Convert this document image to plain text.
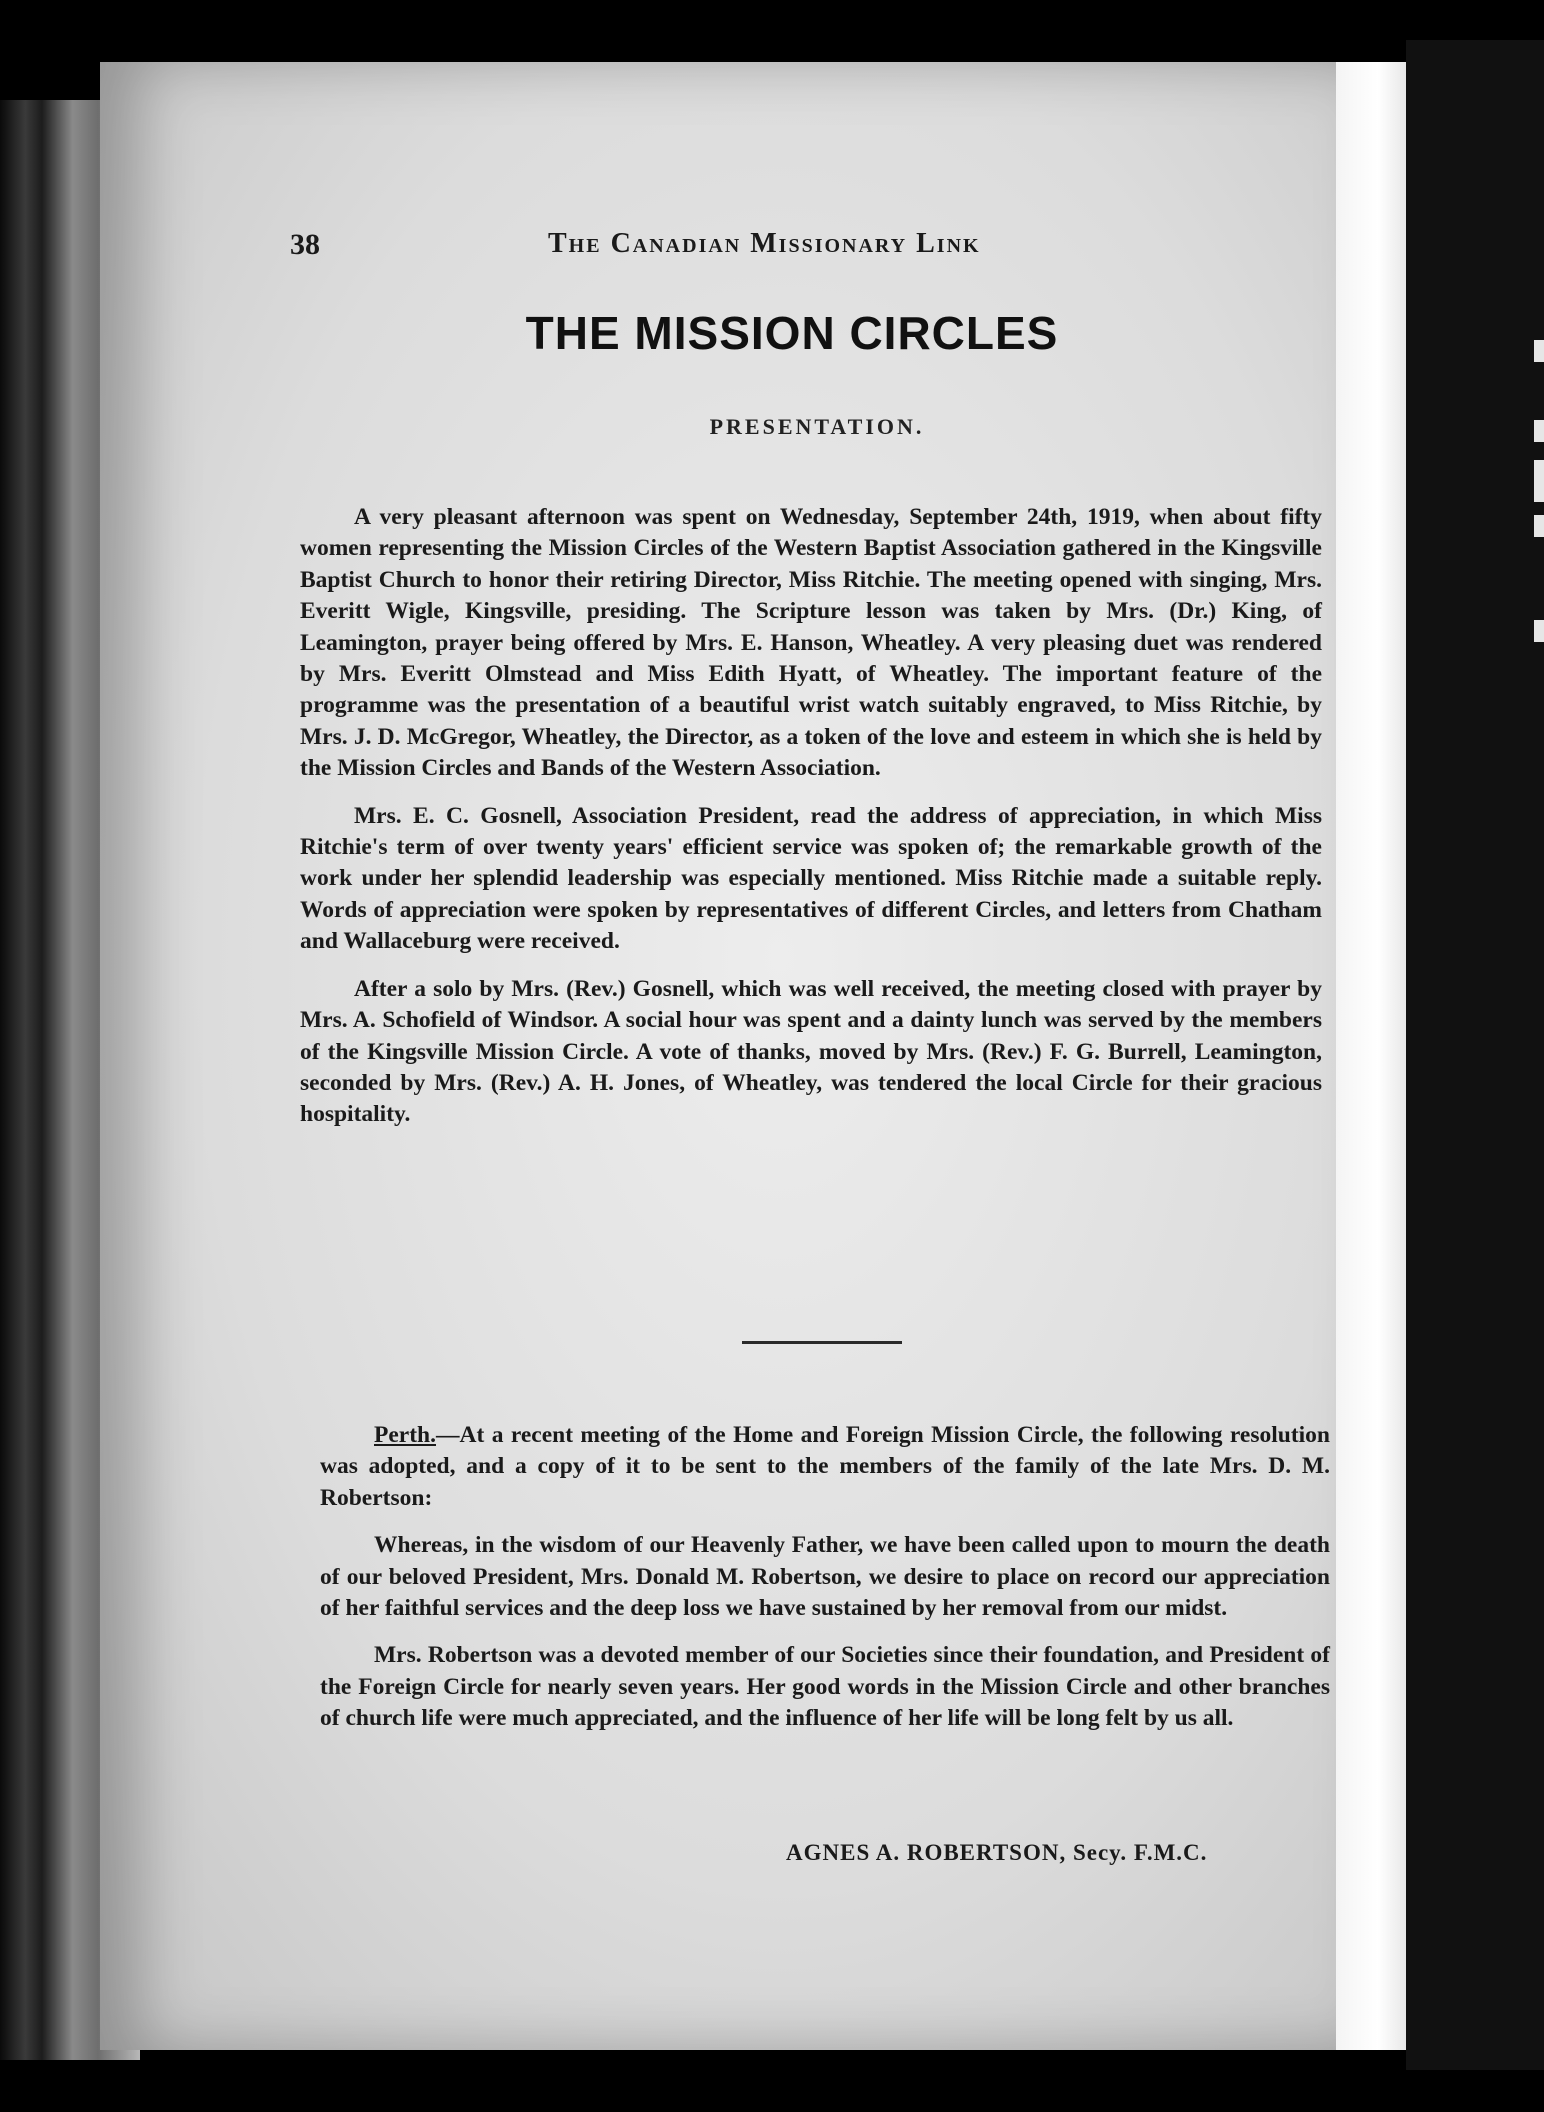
38	The Canadian Missionary Link
THE MISSION CIRCLES
PRESENTATION.

A very pleasant afternoon was spent on Wednesday, September 24th, 1919, when about fifty women representing the Mission Circles of the Western Baptist Association gathered in the Kingsville Baptist Church to honor their retiring Director, Miss Ritchie. The meeting opened with singing, Mrs. Everitt Wigle, Kingsville, presiding. The Scripture lesson was taken by Mrs. (Dr.) King, of Leamington, prayer being offered by Mrs. E. Hanson, Wheatley. A very pleasing duet was rendered by Mrs. Everitt Olmstead and Miss Edith Hyatt, of Wheatley. The important feature of the programme was the presentation of a beautiful wrist watch suitably engraved, to Miss Ritchie, by Mrs. J. D. McGregor, Wheatley, the Director, as a token of the love and esteem in which she is held by the Mission Circles and Bands of the Western Association.

Mrs. E. C. Gosnell, Association President, read the address of appreciation, in which Miss Ritchie's term of over twenty years' efficient service was spoken of; the remarkable growth of the work under her splendid leadership was especially mentioned. Miss Ritchie made a suitable reply. Words of appreciation were spoken by representatives of different Circles, and letters from Chatham and Wallaceburg were received.

After a solo by Mrs. (Rev.) Gosnell, which was well received, the meeting closed with prayer by Mrs. A. Schofield of Windsor. A social hour was spent and a dainty lunch was served by the members of the Kingsville Mission Circle. A vote of thanks, moved by Mrs. (Rev.) F. G. Burrell, Leamington, seconded by Mrs. (Rev.) A. H. Jones, of Wheatley, was tendered the local Circle for their gracious hospitality.

Perth.—At a recent meeting of the Home and Foreign Mission Circle, the following resolution was adopted, and a copy of it to be sent to the members of the family of the late Mrs. D. M. Robertson:

Whereas, in the wisdom of our Heavenly Father, we have been called upon to mourn the death of our beloved President, Mrs. Donald M. Robertson, we desire to place on record our appreciation of her faithful services and the deep loss we have sustained by her removal from our midst.

Mrs. Robertson was a devoted member of our Societies since their foundation, and President of the Foreign Circle for nearly seven years. Her good words in the Mission Circle and other branches of church life were much appreciated, and the influence of her life will be long felt by us all.

AGNES A. ROBERTSON, Secy. F.M.C.
